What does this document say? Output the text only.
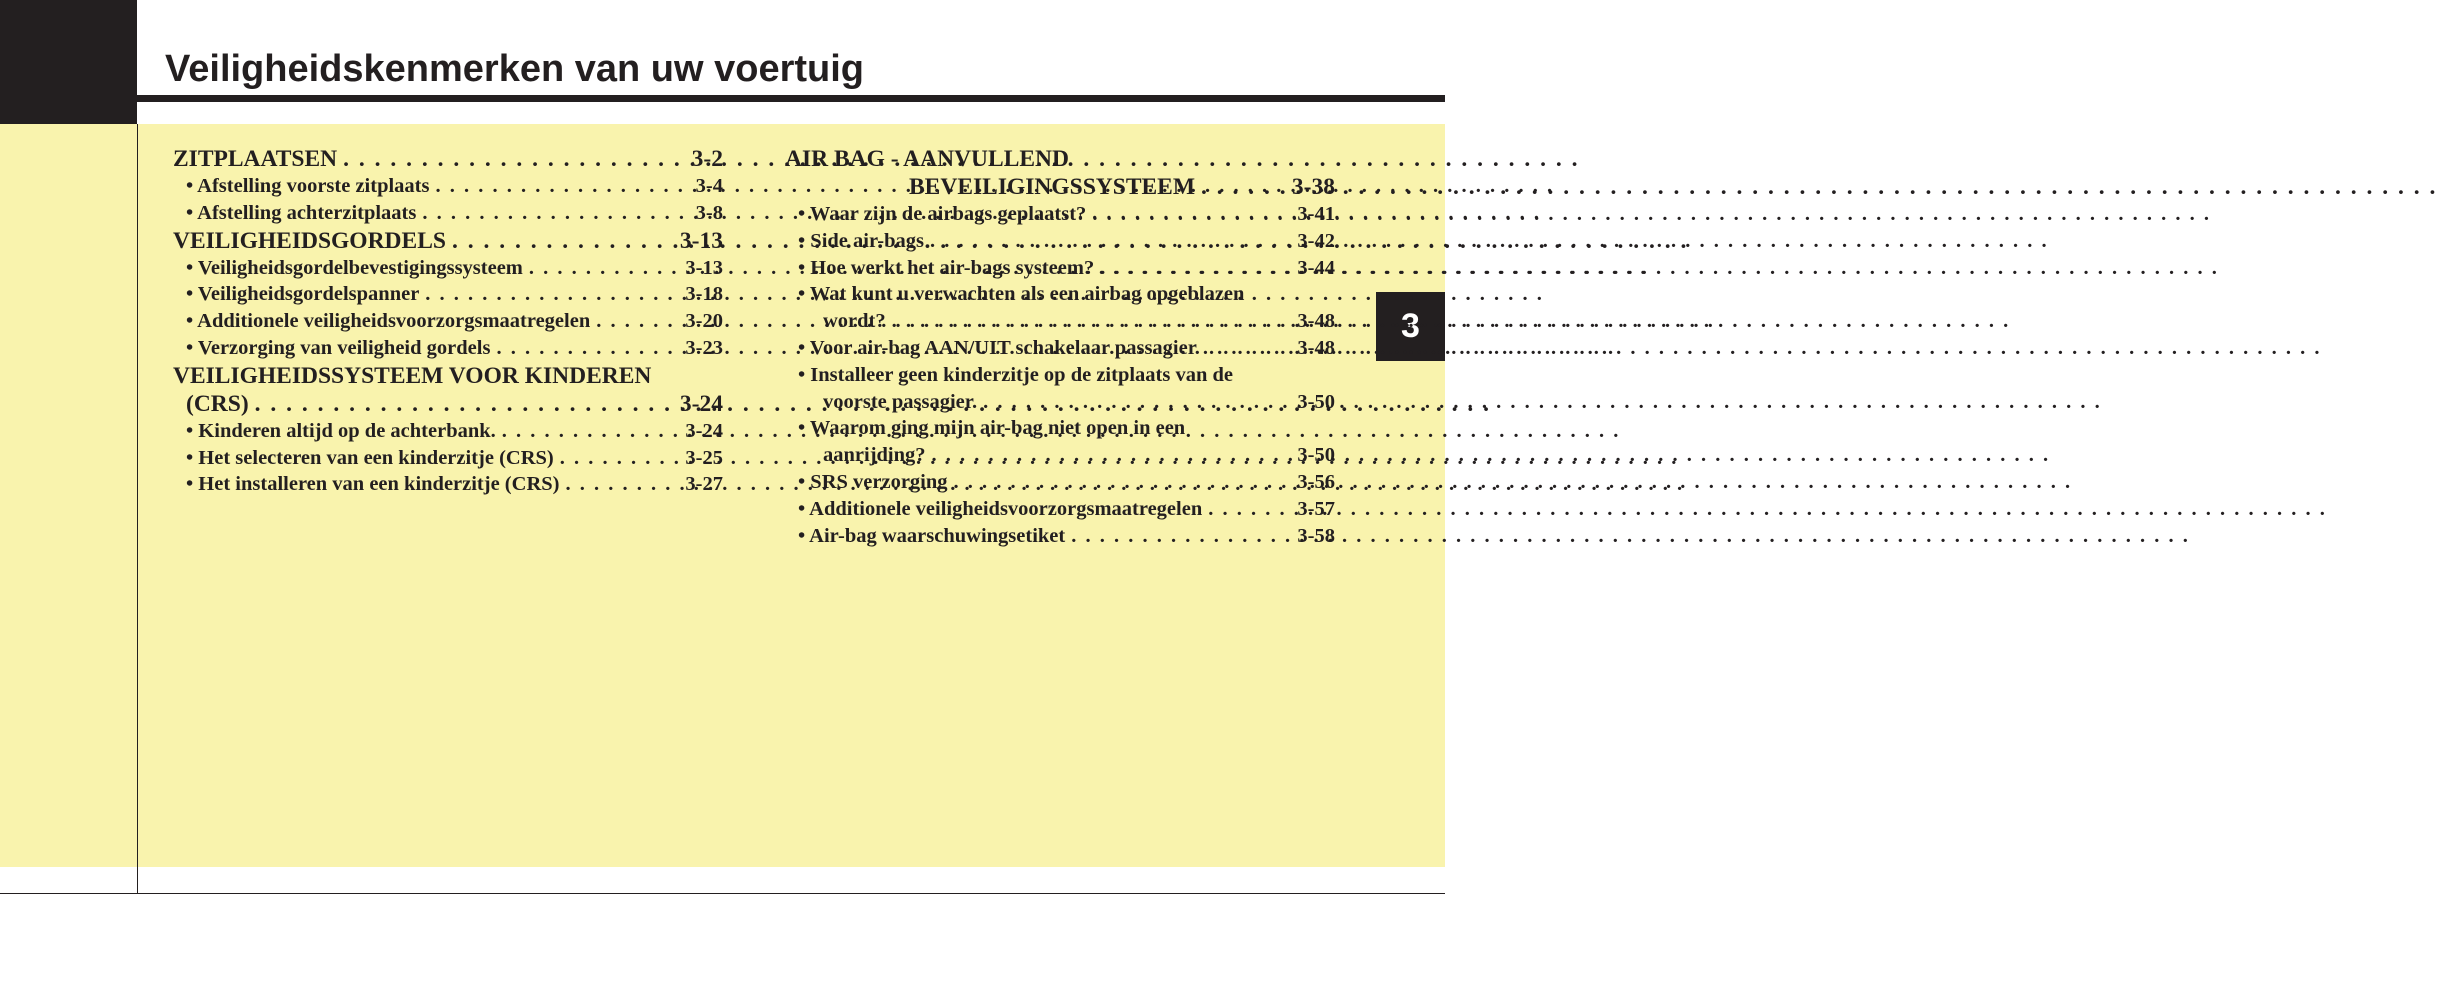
Veiligheidskenmerken van uw voertuig
3
ZITPLAATSEN . . .	3-2
• Afstelling voorste zitplaats . . .	3-4
• Afstelling achterzitplaats . . .	3-8
VEILIGHEIDSGORDELS . . .	3-13
• Veiligheidsgordelbevestigingssysteem . . .	3-13
• Veiligheidsgordelspanner . . .	3-18
• Additionele veiligheidsvoorzorgsmaatregelen . . .	3-20
• Verzorging van veiligheid gordels . . .	3-23
VEILIGHEIDSSYSTEEM VOOR KINDEREN
(CRS) . . .	3-24
• Kinderen altijd op de achterbank. . . .	3-24
• Het selecteren van een kinderzitje (CRS) . . .	3-25
• Het installeren van een kinderzitje (CRS) . . .	3-27
AIR BAG - AANVULLEND
BEVEILIGINGSSYSTEEM . . .	3-38
• Waar zijn de airbags geplaatst? . . .	3-41
• Side air-bags . . .	3-42
• Hoe werkt het air-bags systeem? . . .	3-44
• Wat kunt u verwachten als een airbag opgeblazen
wordt? . . .	3-48
• Voor air-bag AAN/UIT schakelaar passagier . . .	3-48
• Installeer geen kinderzitje op de zitplaats van de
voorste passagier. . . .	3-50
• Waarom ging mijn air-bag niet open in een
aanrijding? . . .	3-50
• SRS verzorging . . .	3-56
• Additionele veiligheidsvoorzorgsmaatregelen . . .	3-57
• Air-bag waarschuwingsetiket . . .	3-58
